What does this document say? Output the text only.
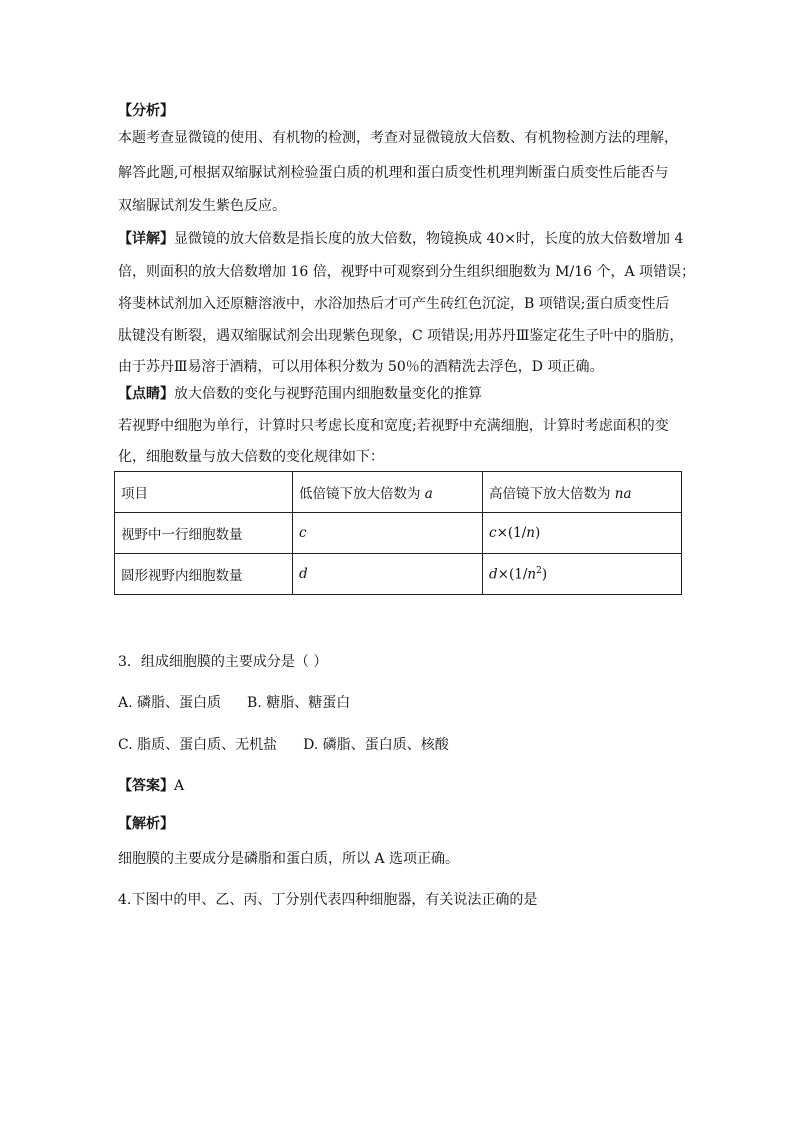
【分析】
本题考查显微镜的使用、有机物的检测，考查对显微镜放大倍数、有机物检测方法的理解，
解答此题,可根据双缩脲试剂检验蛋白质的机理和蛋白质变性机理判断蛋白质变性后能否与
双缩脲试剂发生紫色反应。
【详解】显微镜的放大倍数是指长度的放大倍数，物镜换成 40×时，长度的放大倍数增加 4
倍，则面积的放大倍数增加 16 倍，视野中可观察到分生组织细胞数为 M/16 个，A 项错误；
将斐林试剂加入还原糖溶液中，水浴加热后才可产生砖红色沉淀，B 项错误;蛋白质变性后
肽键没有断裂，遇双缩脲试剂会出现紫色现象，C 项错误;用苏丹Ⅲ鉴定花生子叶中的脂肪，
由于苏丹Ⅲ易溶于酒精，可以用体积分数为 50％的酒精洗去浮色，D 项正确。
【点睛】放大倍数的变化与视野范围内细胞数量变化的推算
若视野中细胞为单行，计算时只考虑长度和宽度;若视野中充满细胞，计算时考虑面积的变
化，细胞数量与放大倍数的变化规律如下：
项目	低倍镜下放大倍数为 a	高倍镜下放大倍数为 na
视野中一行细胞数量	c	c×(1/n)
圆形视野内细胞数量	d	$d\times(1/n^2)$
3．组成细胞膜的主要成分是（ ）
A. 磷脂、蛋白质 B. 糖脂、糖蛋白
C. 脂质、蛋白质、无机盐 D. 磷脂、蛋白质、核酸
【答案】A
【解析】
细胞膜的主要成分是磷脂和蛋白质，所以 A 选项正确。
4.下图中的甲、乙、丙、丁分别代表四种细胞器，有关说法正确的是
